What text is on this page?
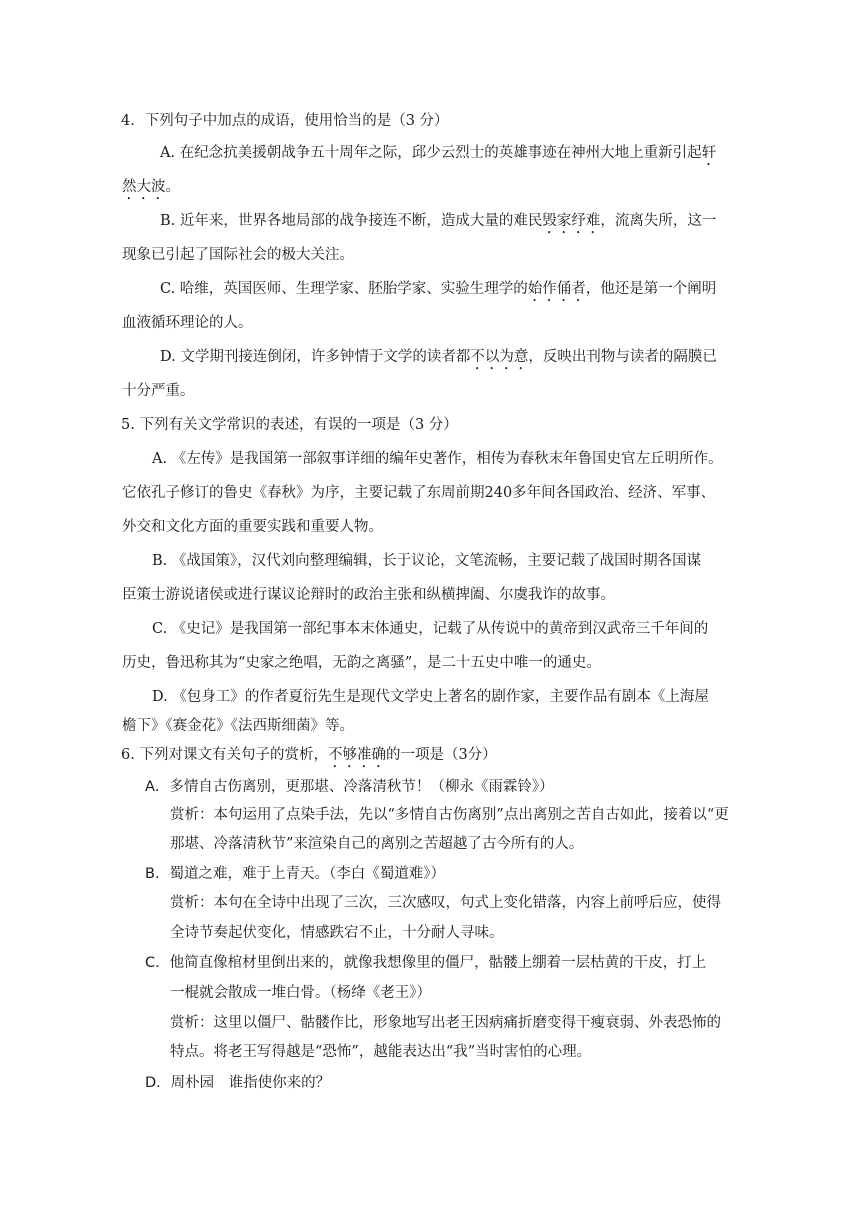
4．下列句子中加点的成语，使用恰当的是（3 分）
A. 在纪念抗美援朝战争五十周年之际，邱少云烈士的英雄事迹在神州大地上重新引起轩
然大波。
B. 近年来，世界各地局部的战争接连不断，造成大量的难民毁家纾难，流离失所，这一
现象已引起了国际社会的极大关注。
C. 哈维，英国医师、生理学家、胚胎学家、实验生理学的始作俑者，他还是第一个阐明
血液循环理论的人。
D. 文学期刊接连倒闭，许多钟情于文学的读者都不以为意，反映出刊物与读者的隔膜已
十分严重。
5. 下列有关文学常识的表述，有误的一项是（3 分）
A. 《左传》是我国第一部叙事详细的编年史著作，相传为春秋末年鲁国史官左丘明所作。
它依孔子修订的鲁史《春秋》为序，主要记载了东周前期240多年间各国政治、经济、军事、
外交和文化方面的重要实践和重要人物。
B. 《战国策》，汉代刘向整理编辑，长于议论，文笔流畅，主要记载了战国时期各国谋
臣策士游说诸侯或进行谋议论辩时的政治主张和纵横捭阖、尔虞我诈的故事。
C. 《史记》是我国第一部纪事本末体通史，记载了从传说中的黄帝到汉武帝三千年间的
历史，鲁迅称其为“史家之绝唱，无韵之离骚”，是二十五史中唯一的通史。
D. 《包身工》的作者夏衍先生是现代文学史上著名的剧作家，主要作品有剧本《上海屋
檐下》《赛金花》《法西斯细菌》等。
6. 下列对课文有关句子的赏析，不够准确的一项是（3分）
A．多情自古伤离别，更那堪、冷落清秋节！（柳永《雨霖铃》）
赏析：本句运用了点染手法，先以“多情自古伤离别”点出离别之苦自古如此，接着以“更
那堪、冷落清秋节”来渲染自己的离别之苦超越了古今所有的人。
B．蜀道之难，难于上青天。（李白《蜀道难》）
赏析：本句在全诗中出现了三次，三次感叹，句式上变化错落，内容上前呼后应，使得
全诗节奏起伏变化，情感跌宕不止，十分耐人寻味。
C．他简直像棺材里倒出来的，就像我想像里的僵尸，骷髅上绷着一层枯黄的干皮，打上
一棍就会散成一堆白骨。（杨绛《老王》）
赏析：这里以僵尸、骷髅作比，形象地写出老王因病痛折磨变得干瘦衰弱、外表恐怖的
特点。将老王写得越是“恐怖”，越能表达出“我”当时害怕的心理。
D．周朴园　谁指使你来的？
